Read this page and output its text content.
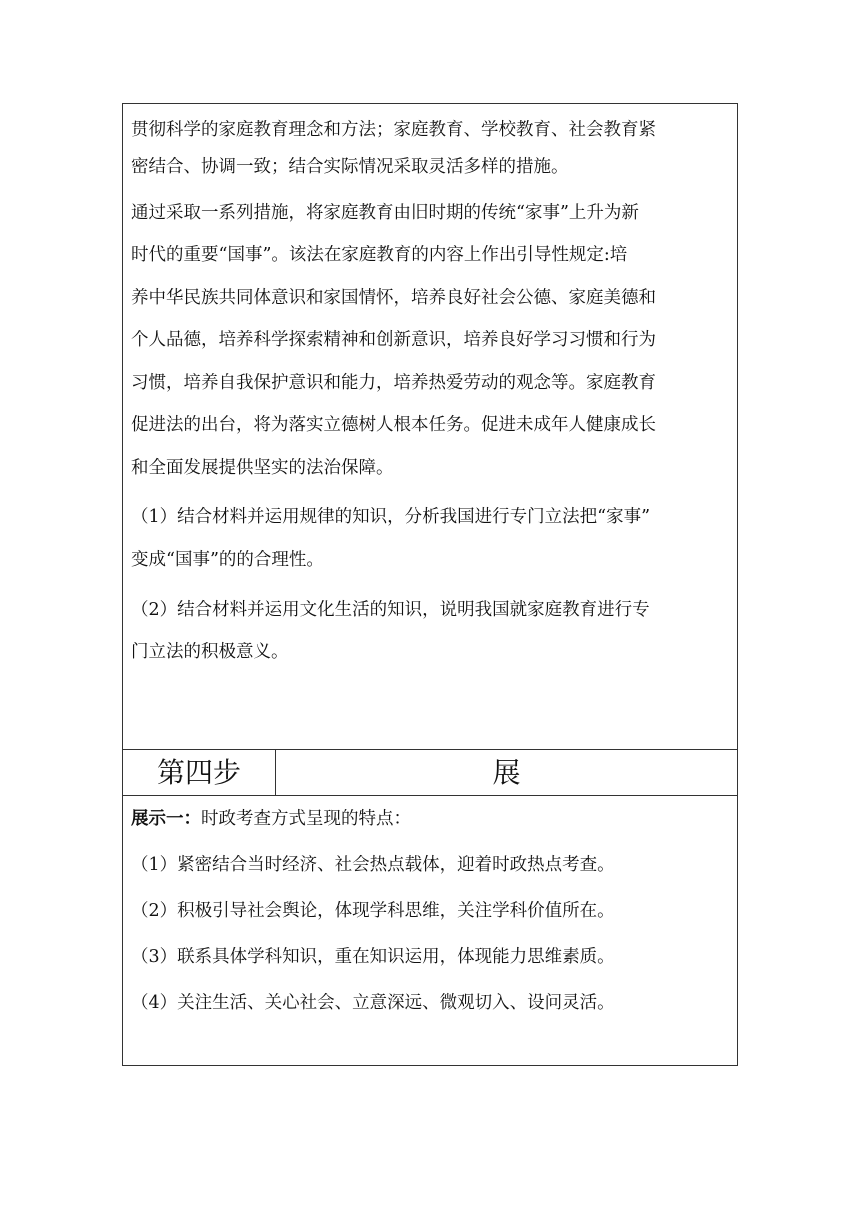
贯彻科学的家庭教育理念和方法；家庭教育、学校教育、社会教育紧
密结合、协调一致；结合实际情况采取灵活多样的措施。
通过采取一系列措施，将家庭教育由旧时期的传统“家事”上升为新
时代的重要“国事”。该法在家庭教育的内容上作出引导性规定:培
养中华民族共同体意识和家国情怀，培养良好社会公德、家庭美德和
个人品德，培养科学探索精神和创新意识，培养良好学习习惯和行为
习惯，培养自我保护意识和能力，培养热爱劳动的观念等。家庭教育
促进法的出台，将为落实立德树人根本任务。促进未成年人健康成长
和全面发展提供坚实的法治保障。
（1）结合材料并运用规律的知识，分析我国进行专门立法把“家事”
变成“国事”的的合理性。
（2）结合材料并运用文化生活的知识，说明我国就家庭教育进行专
门立法的积极意义。
第四步	展
展示一：时政考查方式呈现的特点：
（1）紧密结合当时经济、社会热点载体，迎着时政热点考查。
（2）积极引导社会舆论，体现学科思维，关注学科价值所在。
（3）联系具体学科知识，重在知识运用，体现能力思维素质。
（4）关注生活、关心社会、立意深远、微观切入、设问灵活。
